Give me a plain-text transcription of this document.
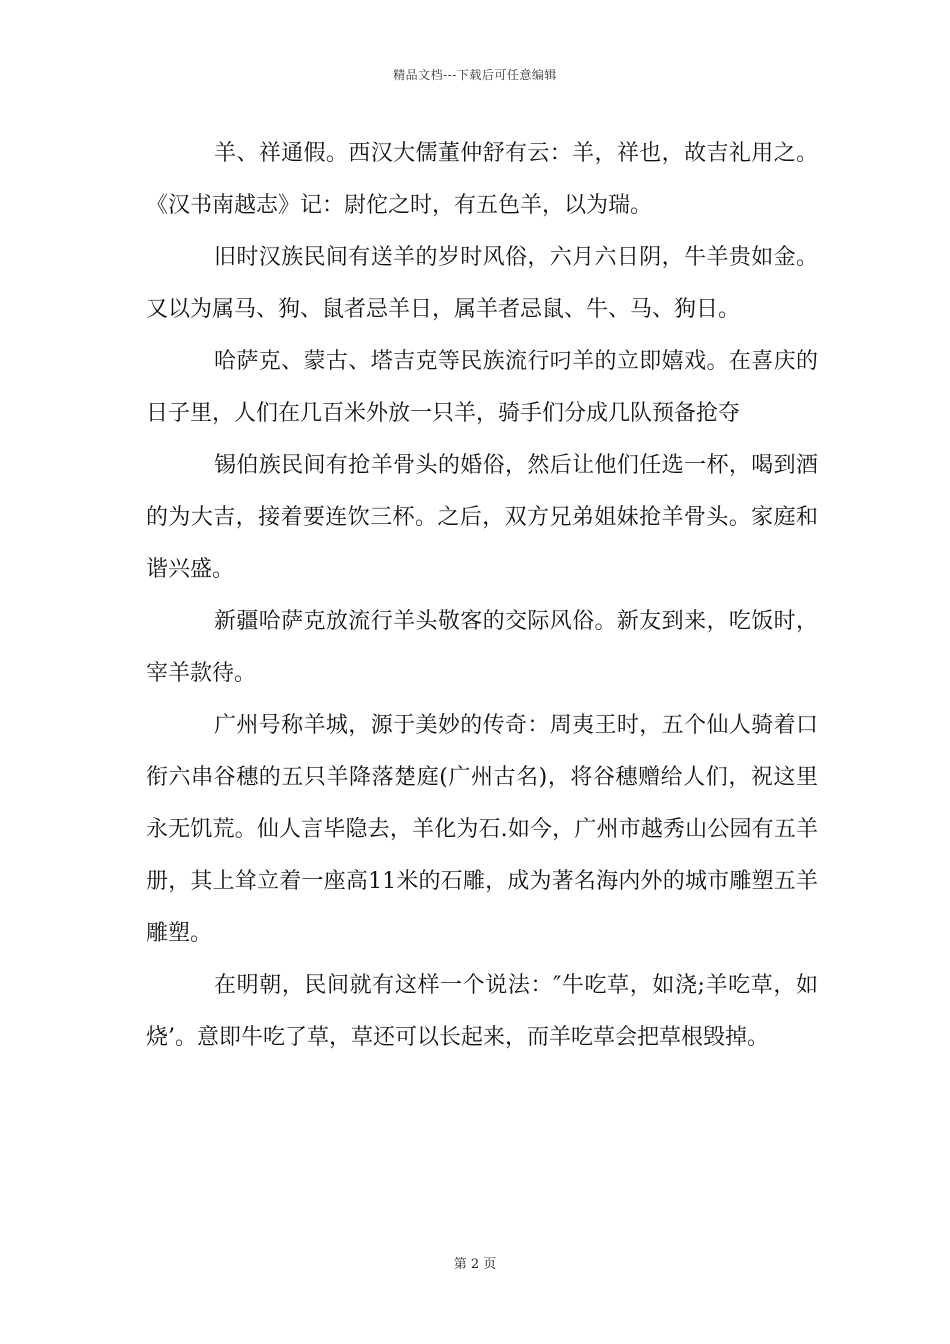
精品文档---下载后可任意编辑

羊、祥通假。西汉大儒董仲舒有云：羊，祥也，故吉礼用之。《汉书南越志》记：尉佗之时，有五色羊，以为瑞。

旧时汉族民间有送羊的岁时风俗，六月六日阴，牛羊贵如金。又以为属马、狗、鼠者忌羊日，属羊者忌鼠、牛、马、狗日。

哈萨克、蒙古、塔吉克等民族流行叼羊的立即嬉戏。在喜庆的日子里，人们在几百米外放一只羊，骑手们分成几队预备抢夺

锡伯族民间有抢羊骨头的婚俗，然后让他们任选一杯，喝到酒的为大吉，接着要连饮三杯。之后，双方兄弟姐妹抢羊骨头。家庭和谐兴盛。

新疆哈萨克放流行羊头敬客的交际风俗。新友到来，吃饭时，宰羊款待。

广州号称羊城，源于美妙的传奇：周夷王时，五个仙人骑着口衔六串谷穗的五只羊降落楚庭(广州古名)，将谷穗赠给人们，祝这里永无饥荒。仙人言毕隐去，羊化为石.如今，广州市越秀山公园有五羊册，其上耸立着一座高11米的石雕，成为著名海内外的城市雕塑五羊雕塑。

在明朝，民间就有这样一个说法：″牛吃草，如浇;羊吃草，如烧’。意即牛吃了草，草还可以长起来，而羊吃草会把草根毁掉。

第 2 页
